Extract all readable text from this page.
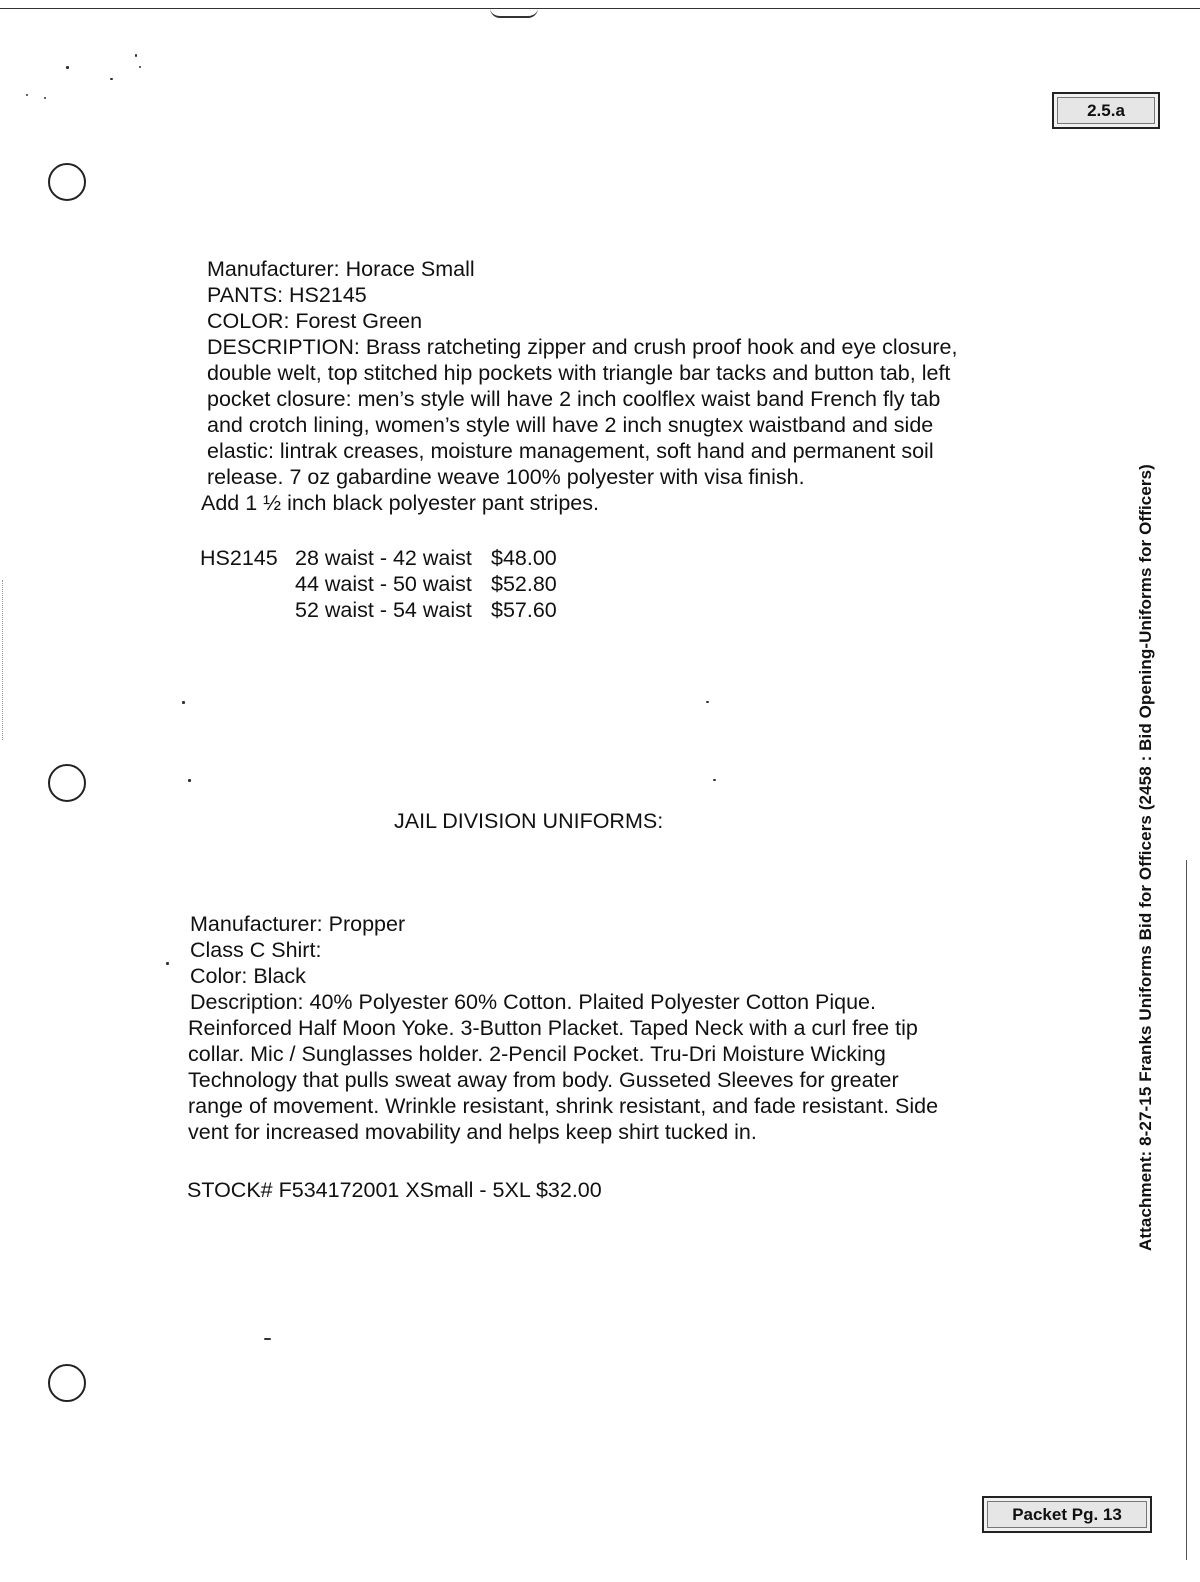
2.5.a
Packet Pg. 13
Attachment: 8-27-15 Franks Uniforms Bid for Officers (2458 : Bid Opening-Uniforms for Officers)
Manufacturer: Horace Small
PANTS: HS2145
COLOR: Forest Green
DESCRIPTION: Brass ratcheting zipper and crush proof hook and eye closure,
double welt, top stitched hip pockets with triangle bar tacks and button tab, left
pocket closure: men’s style will have 2 inch coolflex waist band French fly tab
and crotch lining, women’s style will have 2 inch snugtex waistband and side
elastic: lintrak creases, moisture management, soft hand and permanent soil
release. 7 oz gabardine weave 100% polyester with visa finish.
Add 1 ½ inch black polyester pant stripes.
HS2145 28 waist - 42 waist $48.00
44 waist - 50 waist $52.80
52 waist - 54 waist $57.60
JAIL DIVISION UNIFORMS:
Manufacturer: Propper
Class C Shirt:
Color: Black
Description: 40% Polyester 60% Cotton. Plaited Polyester Cotton Pique.
Reinforced Half Moon Yoke. 3-Button Placket. Taped Neck with a curl free tip
collar. Mic / Sunglasses holder. 2-Pencil Pocket. Tru-Dri Moisture Wicking
Technology that pulls sweat away from body. Gusseted Sleeves for greater
range of movement. Wrinkle resistant, shrink resistant, and fade resistant. Side
vent for increased movability and helps keep shirt tucked in.
STOCK# F534172001 XSmall - 5XL $32.00
